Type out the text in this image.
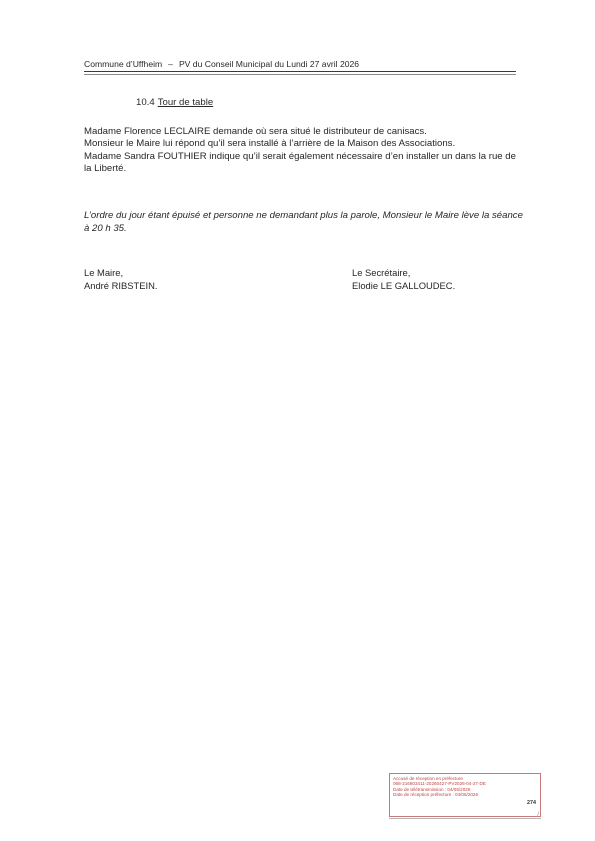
Commune d’Uffheim – PV du Conseil Municipal du Lundi 27 avril 2026
10.4 Tour de table

Madame Florence LECLAIRE demande où sera situé le distributeur de canisacs.

Monsieur le Maire lui répond qu’il sera installé à l’arrière de la Maison des Associations.

Madame Sandra FOUTHIER indique qu’il serait également nécessaire d’en installer un dans la rue de la Liberté.

L’ordre du jour étant épuisé et personne ne demandant plus la parole, Monsieur le Maire lève la séance à 20 h 35.
Le Maire,
André RIBSTEIN.
Le Secrétaire,
Elodie LE GALLOUDEC.
Accusé de réception en préfecture
068-216803411-20260427-PV2026-04-27-DE
Date de télétransmission : 04/05/2026
Date de réception préfecture : 04/05/2026
274
/
